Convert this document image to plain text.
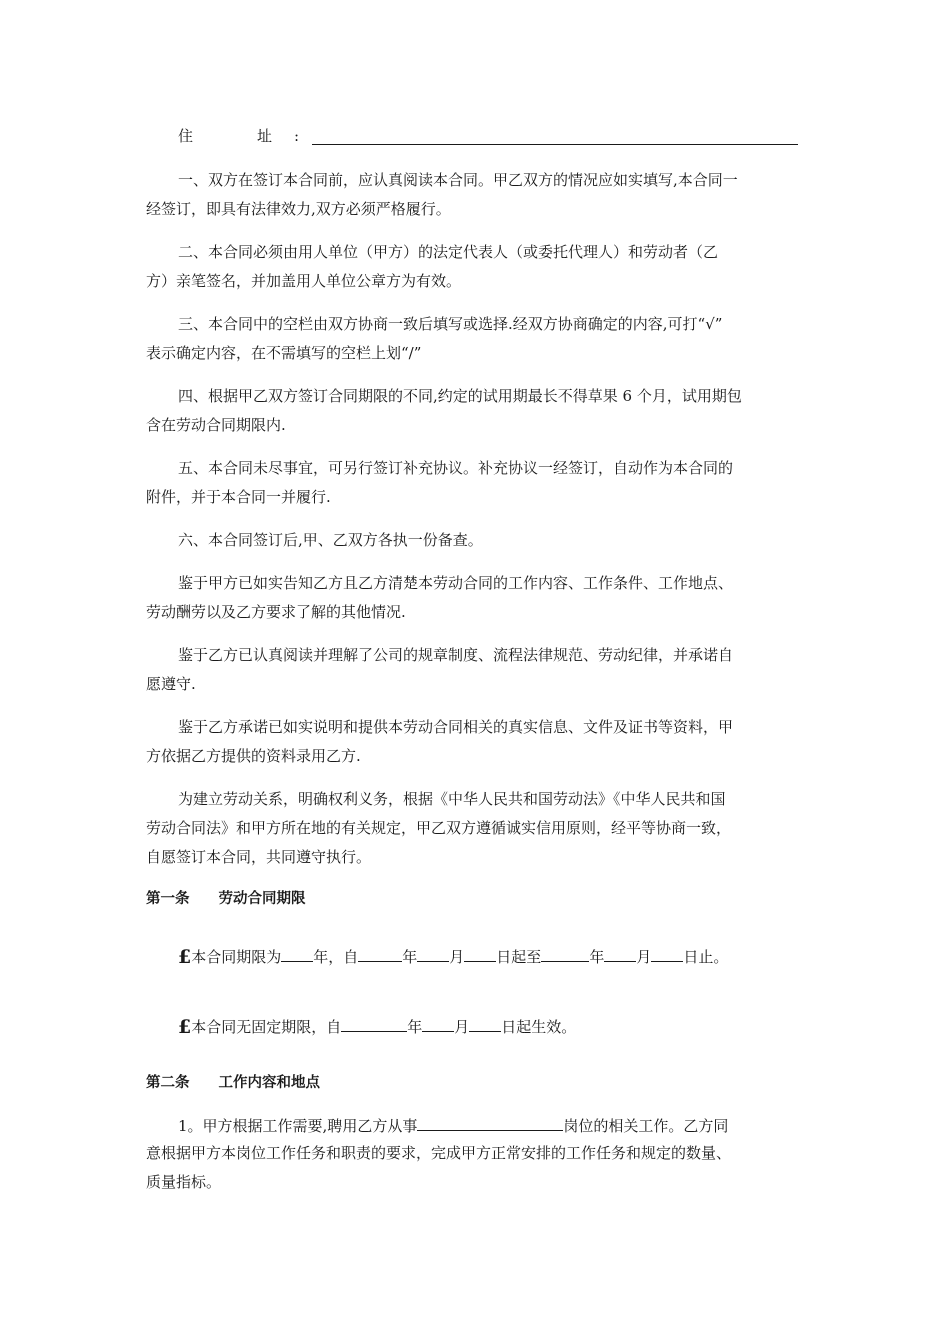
住	址 :
一、双方在签订本合同前，应认真阅读本合同。甲乙双方的情况应如实填写,本合同一
经签订，即具有法律效力,双方必须严格履行。
二、本合同必须由用人单位（甲方）的法定代表人（或委托代理人）和劳动者（乙
方）亲笔签名，并加盖用人单位公章方为有效。
三、本合同中的空栏由双方协商一致后填写或选择.经双方协商确定的内容,可打“√”
表示确定内容，在不需填写的空栏上划“/”
四、根据甲乙双方签订合同期限的不同,约定的试用期最长不得草果 6 个月，试用期包
含在劳动合同期限内.
五、本合同未尽事宜，可另行签订补充协议。补充协议一经签订，自动作为本合同的
附件，并于本合同一并履行.
六、本合同签订后,甲、乙双方各执一份备查。
鉴于甲方已如实告知乙方且乙方清楚本劳动合同的工作内容、工作条件、工作地点、
劳动酬劳以及乙方要求了解的其他情况.
鉴于乙方已认真阅读并理解了公司的规章制度、流程法律规范、劳动纪律，并承诺自
愿遵守.
鉴于乙方承诺已如实说明和提供本劳动合同相关的真实信息、文件及证书等资料，甲
方依据乙方提供的资料录用乙方.
为建立劳动关系，明确权利义务，根据《中华人民共和国劳动法》《中华人民共和国
劳动合同法》和甲方所在地的有关规定，甲乙双方遵循诚实信用原则，经平等协商一致，
自愿签订本合同，共同遵守执行。
第一条　　劳动合同期限
£本合同期限为 年，自	年 月 日起至	年 月 日止。
£本合同无固定期限，自	年 月 日起生效。
第二条　　工作内容和地点
1。甲方根据工作需要,聘用乙方从事	岗位的相关工作。乙方同
意根据甲方本岗位工作任务和职责的要求，完成甲方正常安排的工作任务和规定的数量、
质量指标。
